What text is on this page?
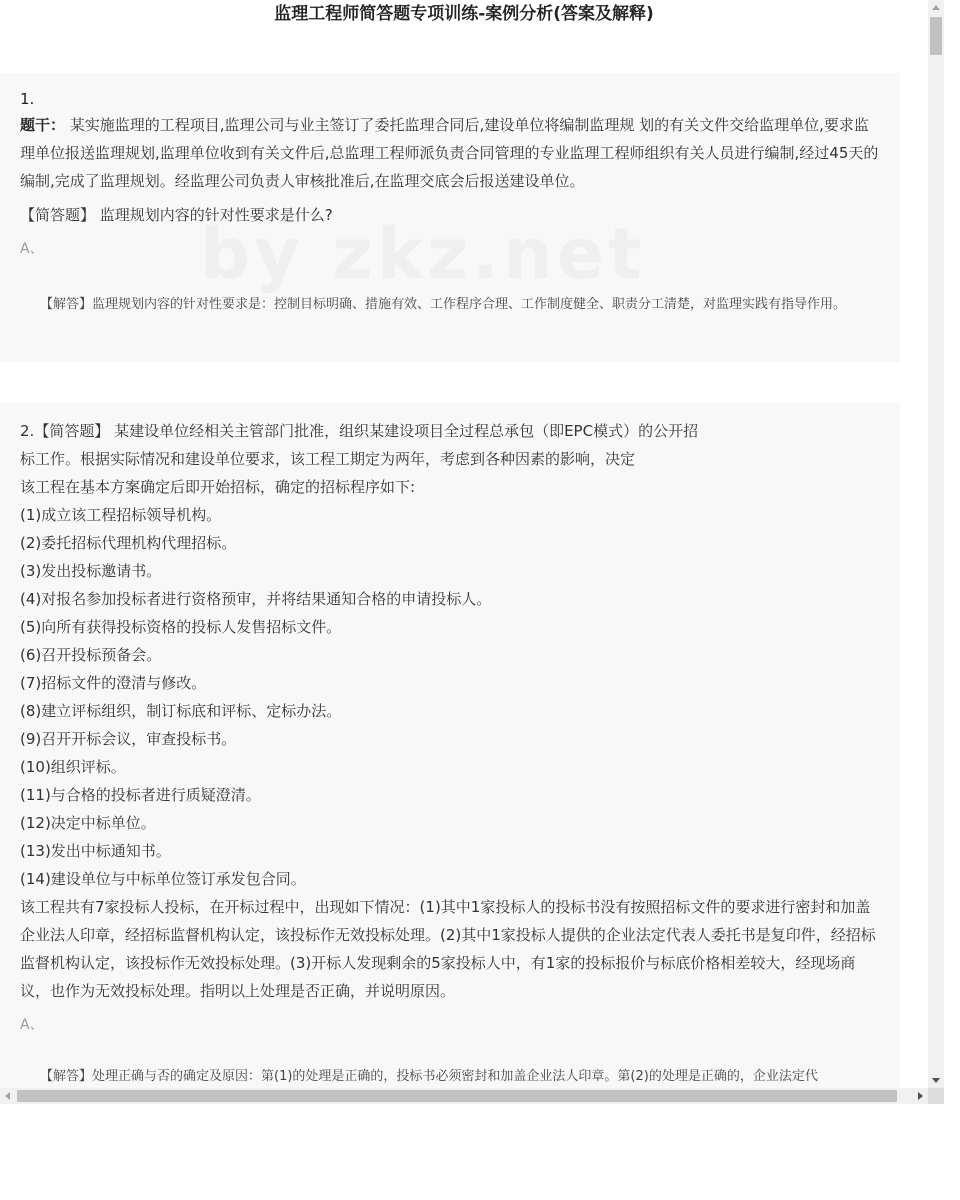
监理工程师简答题专项训练-案例分析(答案及解释)
1.
题干： 某实施监理的工程项目,监理公司与业主签订了委托监理合同后,建设单位将编制监理规 划的有关文件交给监理单位,要求监理单位报送监理规划,监理单位收到有关文件后,总监理工程师派负责合同管理的专业监理工程师组织有关人员进行编制,经过45天的编制,完成了监理规划。经监理公司负责人审核批准后,在监理交底会后报送建设单位。
【简答题】 监理规划内容的针对性要求是什么?
A、
【解答】监理规划内容的针对性要求是：控制目标明确、措施有效、工作程序合理、工作制度健全、职责分工清楚，对监理实践有指导作用。
2.【简答题】 某建设单位经相关主管部门批准，组织某建设项目全过程总承包（即EPC模式）的公开招
标工作。根据实际情况和建设单位要求，该工程工期定为两年，考虑到各种因素的影响，决定
该工程在基本方案确定后即开始招标，确定的招标程序如下:
(1)成立该工程招标领导机构。
(2)委托招标代理机构代理招标。
(3)发出投标邀请书。
(4)对报名参加投标者进行资格预审，并将结果通知合格的申请投标人。
(5)向所有获得投标资格的投标人发售招标文件。
(6)召开投标预备会。
(7)招标文件的澄清与修改。
(8)建立评标组织，制订标底和评标、定标办法。
(9)召开开标会议，审查投标书。
(10)组织评标。
(11)与合格的投标者进行质疑澄清。
(12)决定中标单位。
(13)发出中标通知书。
(14)建设单位与中标单位签订承发包合同。
该工程共有7家投标人投标，在开标过程中，出现如下情况：(1)其中1家投标人的投标书没有按照招标文件的要求进行密封和加盖企业法人印章，经招标监督机构认定，该投标作无效投标处理。(2)其中1家投标人提供的企业法定代表人委托书是复印件，经招标监督机构认定，该投标作无效投标处理。(3)开标人发现剩余的5家投标人中，有1家的投标报价与标底价格相差较大，经现场商议，也作为无效投标处理。指明以上处理是否正确，并说明原因。
A、
【解答】处理正确与否的确定及原因：第(1)的处理是正确的，投标书必须密封和加盖企业法人印章。第(2)的处理是正确的，企业法定代
